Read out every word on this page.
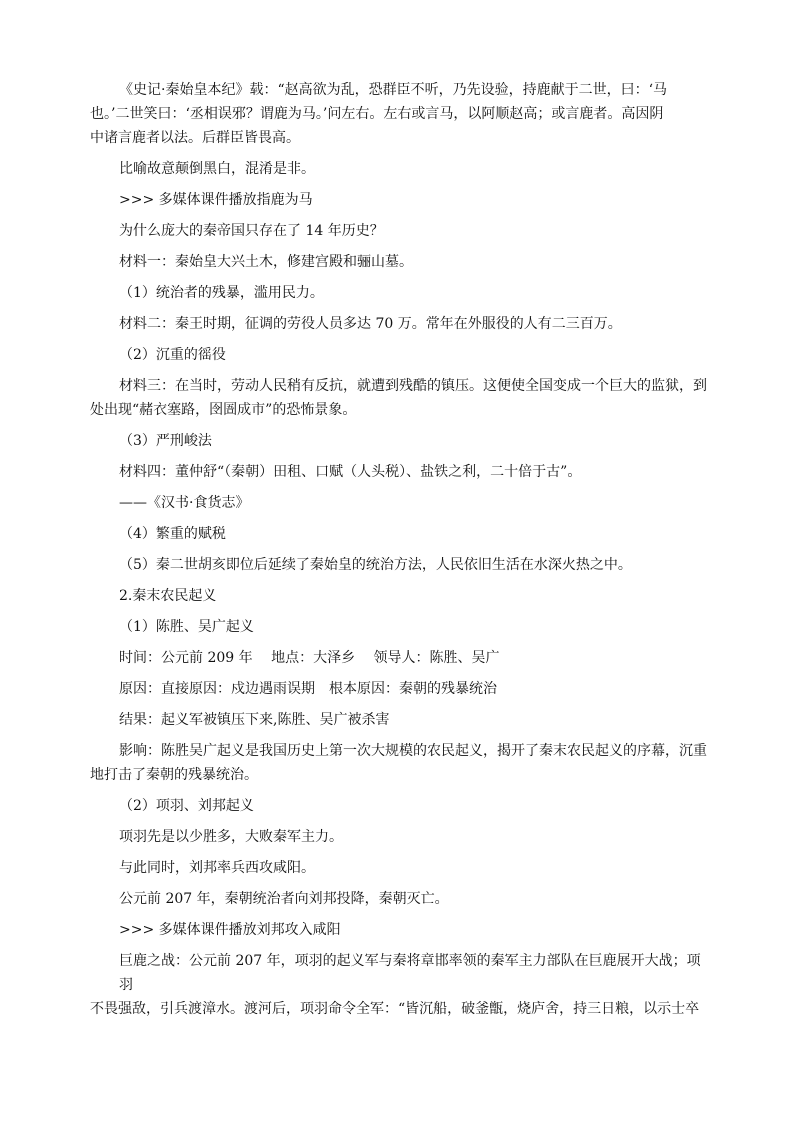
《史记·秦始皇本纪》载：“赵高欲为乱，恐群臣不听，乃先设验，持鹿献于二世，曰：‘马
也。’二世笑曰：‘丞相误邪？谓鹿为马。’问左右。左右或言马，以阿顺赵高；或言鹿者。高因阴
中诸言鹿者以法。后群臣皆畏高。
比喻故意颠倒黑白，混淆是非。
>>> 多媒体课件播放指鹿为马
为什么庞大的秦帝国只存在了 14 年历史？
材料一：秦始皇大兴土木，修建宫殿和骊山墓。
（1）统治者的残暴，滥用民力。
材料二：秦王时期，征调的劳役人员多达 70 万。常年在外服役的人有二三百万。
（2）沉重的徭役
材料三：在当时，劳动人民稍有反抗，就遭到残酷的镇压。这便使全国变成一个巨大的监狱，到
处出现“赭衣塞路，囹圄成市”的恐怖景象。
（3）严刑峻法
材料四：董仲舒“（秦朝）田租、口赋（人头税）、盐铁之利，二十倍于古”。
——《汉书·食货志》
（4）繁重的赋税
（5）秦二世胡亥即位后延续了秦始皇的统治方法，人民依旧生活在水深火热之中。
2.秦末农民起义
（1）陈胜、吴广起义
时间：公元前 209 年　 地点：大泽乡　 领导人：陈胜、吴广
原因：直接原因：戍边遇雨误期　根本原因：秦朝的残暴统治
结果：起义军被镇压下来,陈胜、吴广被杀害
影响：陈胜吴广起义是我国历史上第一次大规模的农民起义，揭开了秦末农民起义的序幕，沉重
地打击了秦朝的残暴统治。
（2）项羽、刘邦起义
项羽先是以少胜多，大败秦军主力。
与此同时，刘邦率兵西攻咸阳。
公元前 207 年，秦朝统治者向刘邦投降，秦朝灭亡。
>>> 多媒体课件播放刘邦攻入咸阳
巨鹿之战：公元前 207 年，项羽的起义军与秦将章邯率领的秦军主力部队在巨鹿展开大战；项羽
不畏强敌，引兵渡漳水。渡河后，项羽命令全军：“皆沉船，破釜甑，烧庐舍，持三日粮，以示士卒
